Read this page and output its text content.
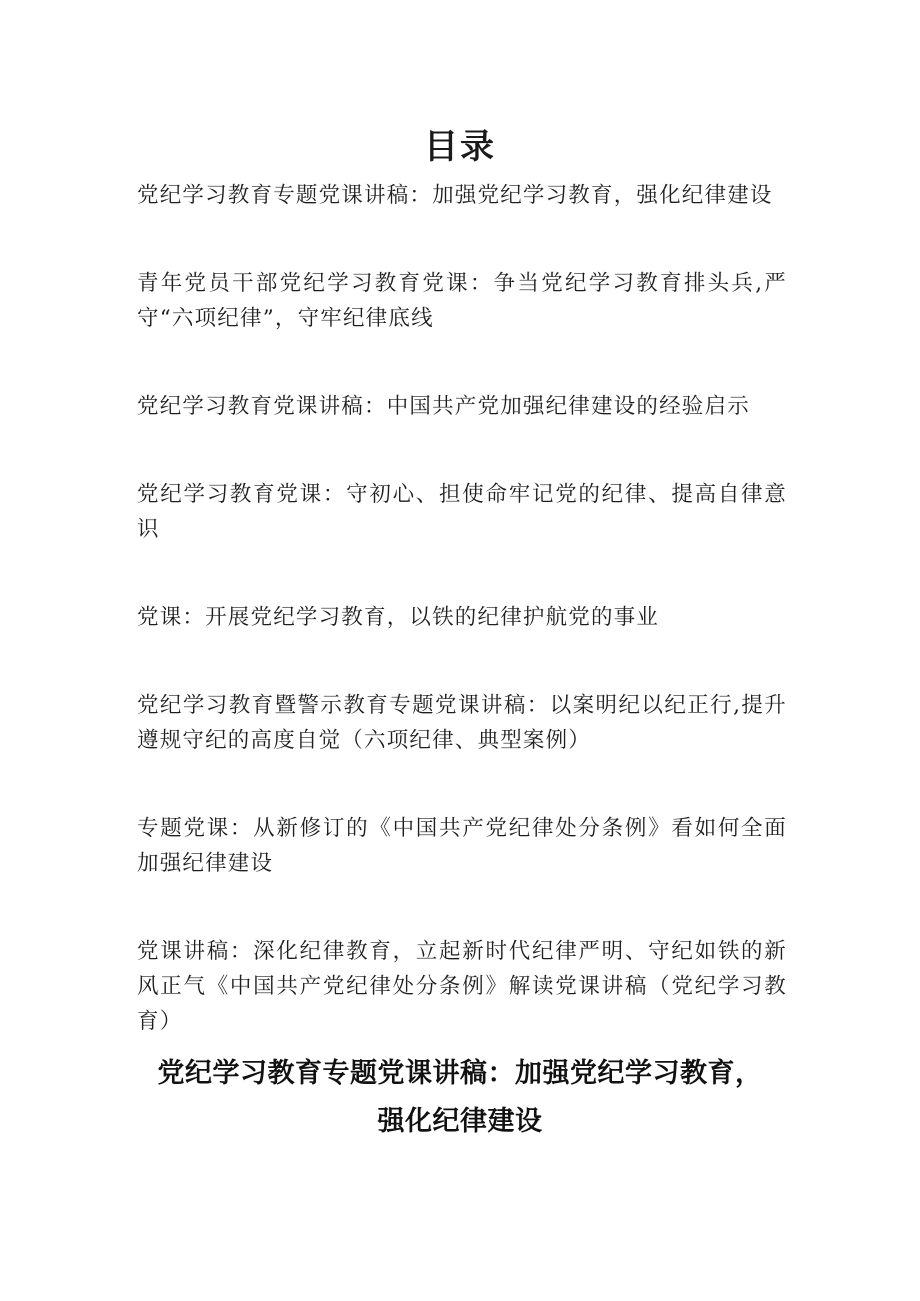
目录
党纪学习教育专题党课讲稿：加强党纪学习教育，强化纪律建设
青年党员干部党纪学习教育党课：争当党纪学习教育排头兵,严守“六项纪律”，守牢纪律底线
党纪学习教育党课讲稿：中国共产党加强纪律建设的经验启示
党纪学习教育党课：守初心、担使命牢记党的纪律、提高自律意识
党课：开展党纪学习教育，以铁的纪律护航党的事业
党纪学习教育暨警示教育专题党课讲稿：以案明纪以纪正行,提升遵规守纪的高度自觉（六项纪律、典型案例）
专题党课：从新修订的《中国共产党纪律处分条例》看如何全面加强纪律建设
党课讲稿：深化纪律教育，立起新时代纪律严明、守纪如铁的新风正气《中国共产党纪律处分条例》解读党课讲稿（党纪学习教育）
党纪学习教育专题党课讲稿：加强党纪学习教育，强化纪律建设
